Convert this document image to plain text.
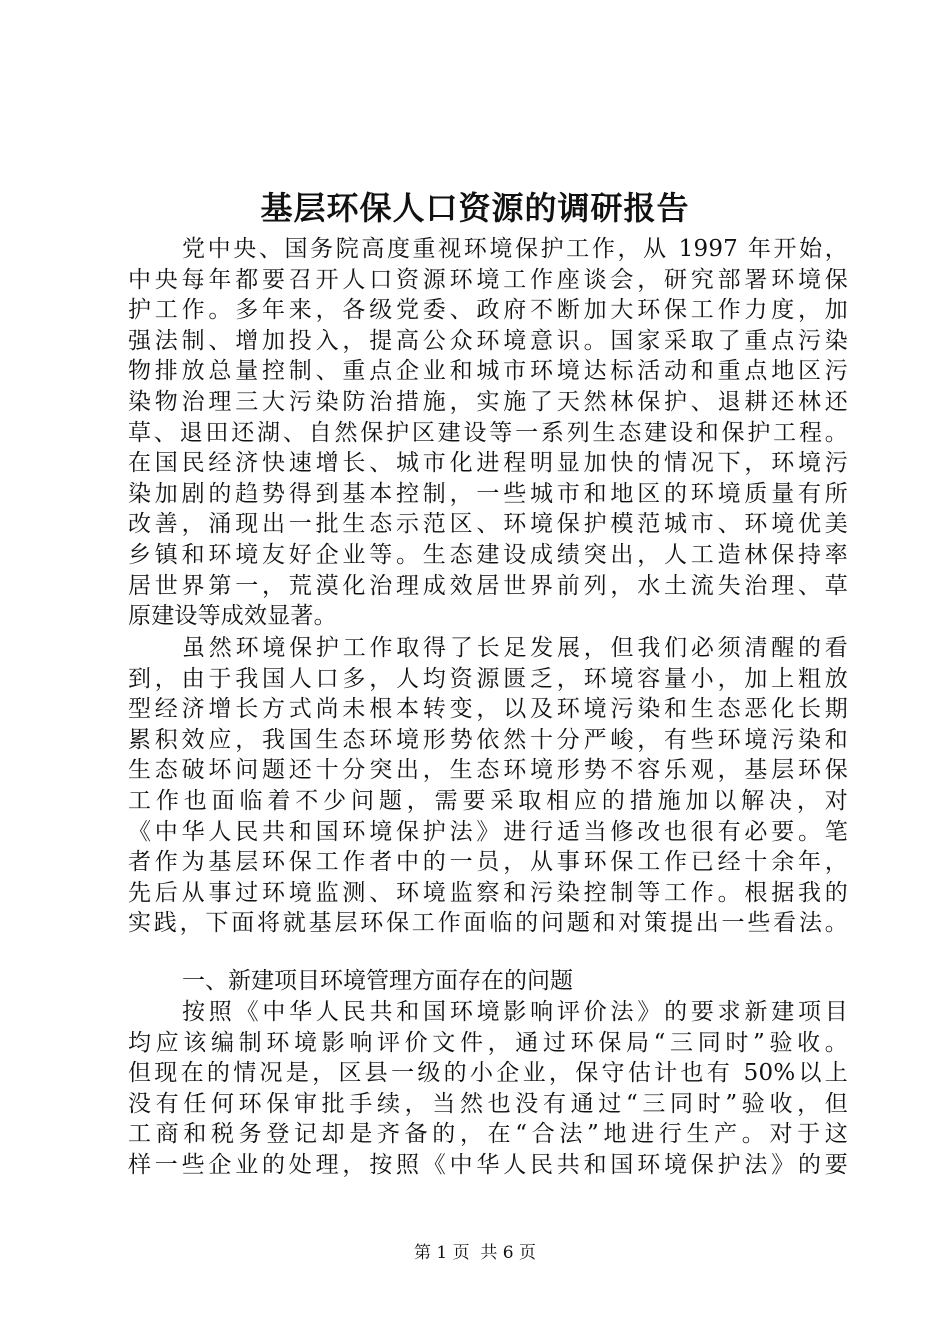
基层环保人口资源的调研报告
党中央、国务院高度重视环境保护工作，从 1997 年开始，
中央每年都要召开人口资源环境工作座谈会，研究部署环境保
护工作。多年来，各级党委、政府不断加大环保工作力度，加
强法制、增加投入，提高公众环境意识。国家采取了重点污染
物排放总量控制、重点企业和城市环境达标活动和重点地区污
染物治理三大污染防治措施，实施了天然林保护、退耕还林还
草、退田还湖、自然保护区建设等一系列生态建设和保护工程。
在国民经济快速增长、城市化进程明显加快的情况下，环境污
染加剧的趋势得到基本控制，一些城市和地区的环境质量有所
改善，涌现出一批生态示范区、环境保护模范城市、环境优美
乡镇和环境友好企业等。生态建设成绩突出，人工造林保持率
居世界第一，荒漠化治理成效居世界前列，水土流失治理、草
原建设等成效显著。
虽然环境保护工作取得了长足发展，但我们必须清醒的看
到，由于我国人口多，人均资源匮乏，环境容量小，加上粗放
型经济增长方式尚未根本转变，以及环境污染和生态恶化长期
累积效应，我国生态环境形势依然十分严峻，有些环境污染和
生态破坏问题还十分突出，生态环境形势不容乐观，基层环保
工作也面临着不少问题，需要采取相应的措施加以解决，对
《中华人民共和国环境保护法》进行适当修改也很有必要。笔
者作为基层环保工作者中的一员，从事环保工作已经十余年，
先后从事过环境监测、环境监察和污染控制等工作。根据我的
实践，下面将就基层环保工作面临的问题和对策提出一些看法。
一、新建项目环境管理方面存在的问题
按照《中华人民共和国环境影响评价法》的要求新建项目
均应该编制环境影响评价文件，通过环保局“三同时”验收。
但现在的情况是，区县一级的小企业，保守估计也有 50%以上
没有任何环保审批手续，当然也没有通过“三同时”验收，但
工商和税务登记却是齐备的，在“合法”地进行生产。对于这
样一些企业的处理，按照《中华人民共和国环境保护法》的要
第 1 页  共 6 页
